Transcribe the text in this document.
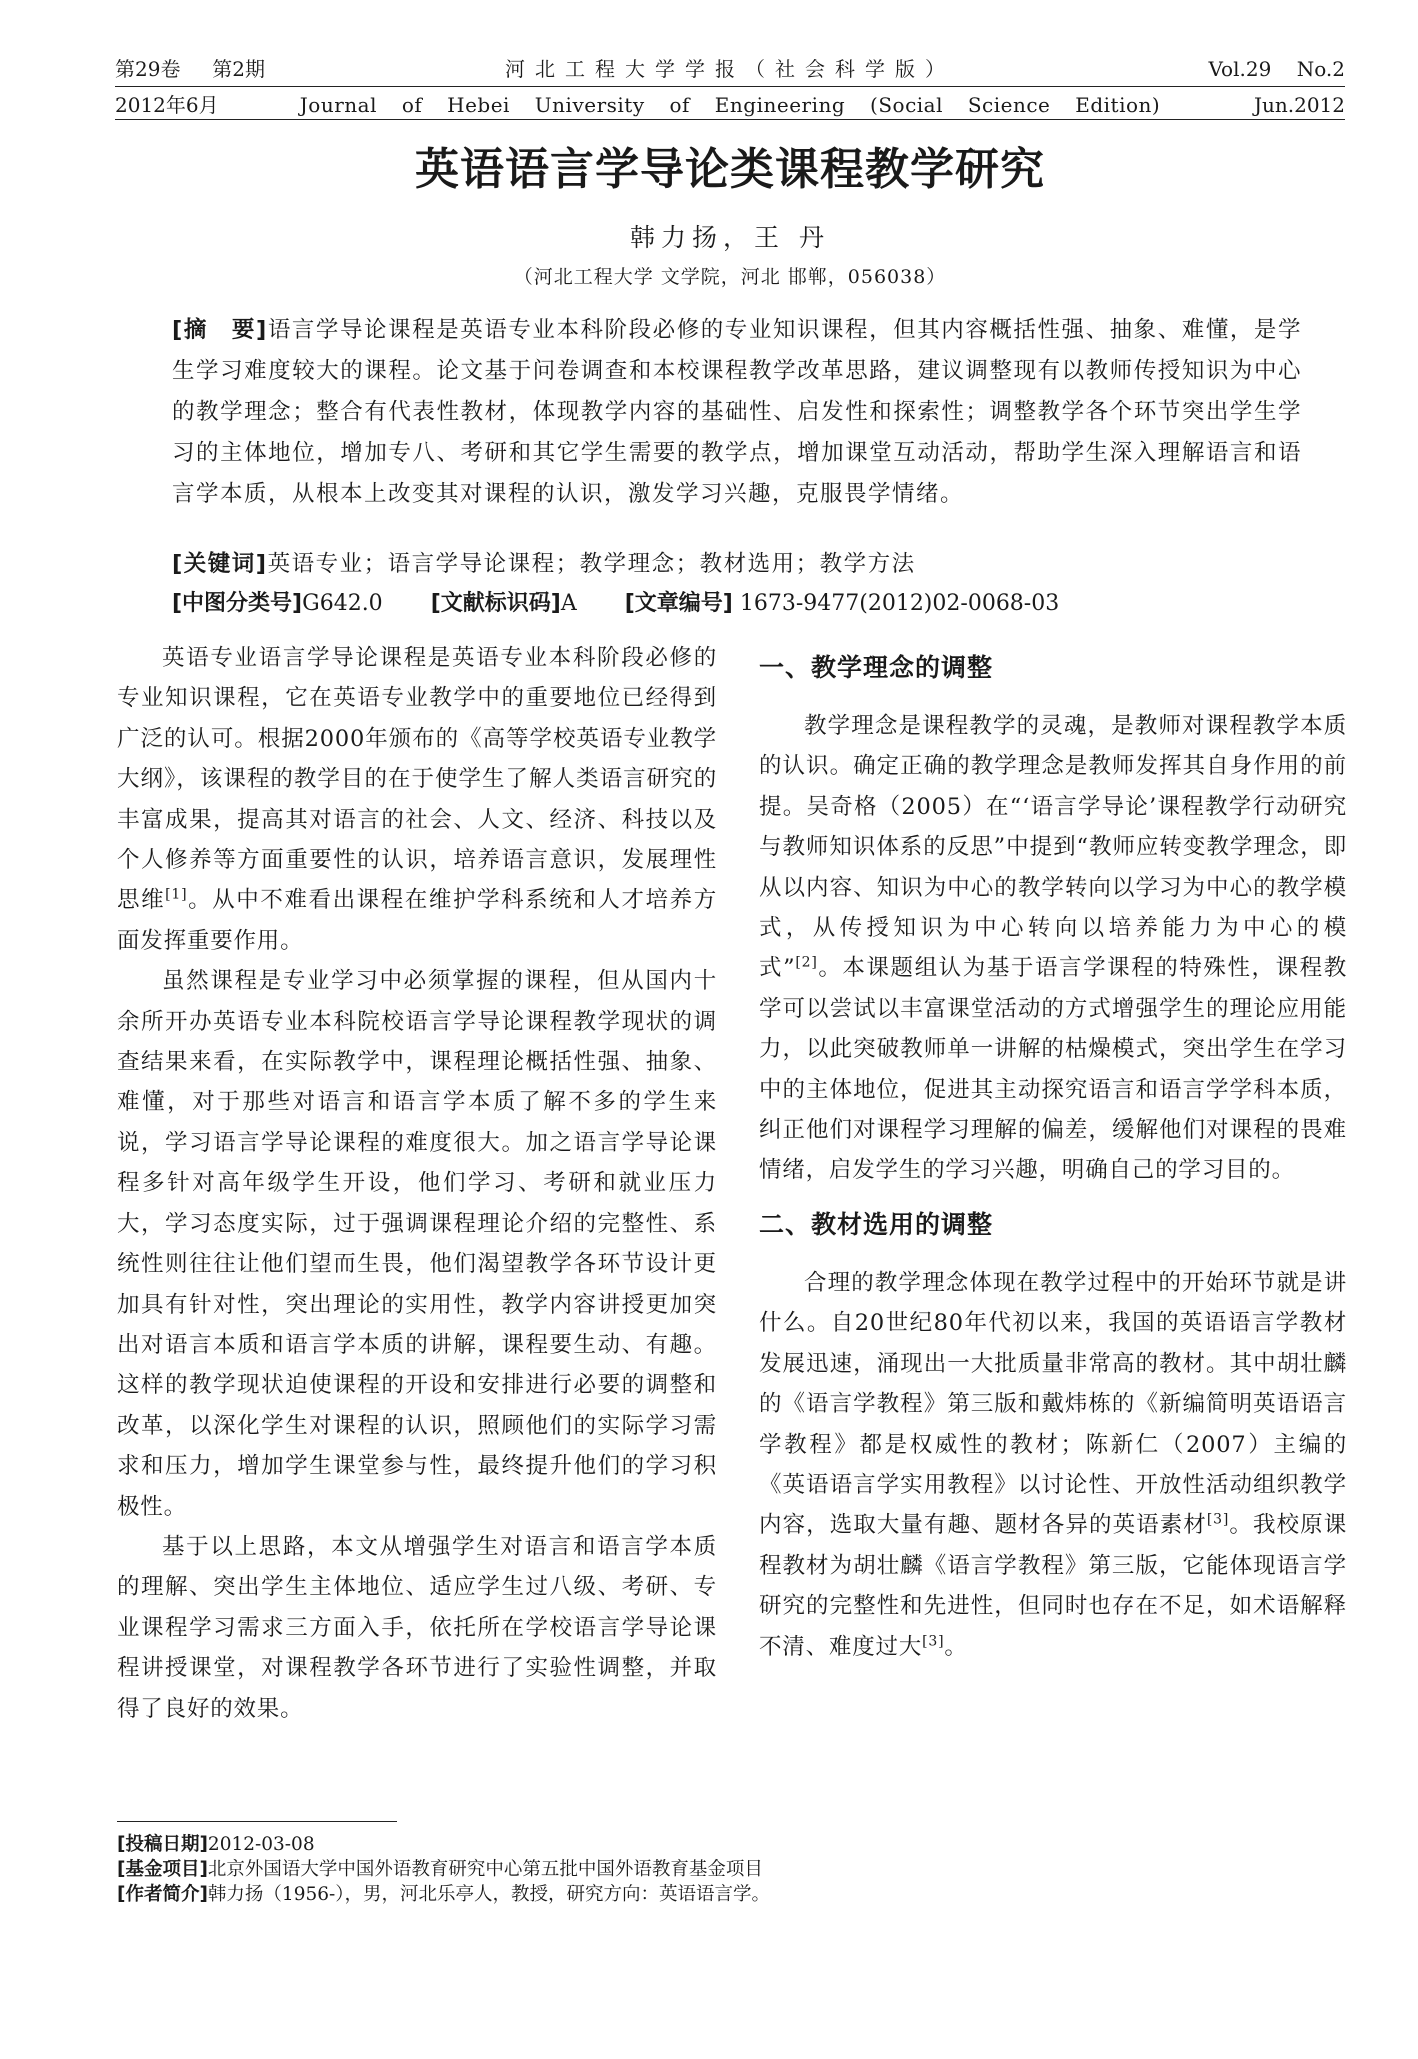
第29卷 第2期	河北工程大学学报（社会科学版）	Vol.29    No.2
2012年6月	Journal of Hebei University of Engineering (Social Science Edition)	Jun.2012
英语语言学导论类课程教学研究
韩力扬，王 丹
（河北工程大学 文学院，河北 邯郸，056038）

[摘　要]语言学导论课程是英语专业本科阶段必修的专业知识课程，但其内容概括性强、抽象、难懂，是学生学习难度较大的课程。论文基于问卷调查和本校课程教学改革思路，建议调整现有以教师传授知识为中心的教学理念；整合有代表性教材，体现教学内容的基础性、启发性和探索性；调整教学各个环节突出学生学习的主体地位，增加专八、考研和其它学生需要的教学点，增加课堂互动活动，帮助学生深入理解语言和语言学本质，从根本上改变其对课程的认识，激发学习兴趣，克服畏学情绪。

[关键词]英语专业；语言学导论课程；教学理念；教材选用；教学方法
[中图分类号]G642.0 [文献标识码]A [文章编号] 1673-9477(2012)02-0068-03

英语专业语言学导论课程是英语专业本科阶段必修的专业知识课程，它在英语专业教学中的重要地位已经得到广泛的认可。根据2000年颁布的《高等学校英语专业教学大纲》，该课程的教学目的在于使学生了解人类语言研究的丰富成果，提高其对语言的社会、人文、经济、科技以及个人修养等方面重要性的认识，培养语言意识，发展理性思维[1]。从中不难看出课程在维护学科系统和人才培养方面发挥重要作用。

虽然课程是专业学习中必须掌握的课程，但从国内十余所开办英语专业本科院校语言学导论课程教学现状的调查结果来看，在实际教学中，课程理论概括性强、抽象、难懂，对于那些对语言和语言学本质了解不多的学生来说，学习语言学导论课程的难度很大。加之语言学导论课程多针对高年级学生开设，他们学习、考研和就业压力大，学习态度实际，过于强调课程理论介绍的完整性、系统性则往往让他们望而生畏，他们渴望教学各环节设计更加具有针对性，突出理论的实用性，教学内容讲授更加突出对语言本质和语言学本质的讲解，课程要生动、有趣。这样的教学现状迫使课程的开设和安排进行必要的调整和改革，以深化学生对课程的认识，照顾他们的实际学习需求和压力，增加学生课堂参与性，最终提升他们的学习积极性。

基于以上思路，本文从增强学生对语言和语言学本质的理解、突出学生主体地位、适应学生过八级、考研、专业课程学习需求三方面入手，依托所在学校语言学导论课程讲授课堂，对课程教学各环节进行了实验性调整，并取得了良好的效果。

一、教学理念的调整

教学理念是课程教学的灵魂，是教师对课程教学本质的认识。确定正确的教学理念是教师发挥其自身作用的前提。吴奇格（2005）在“‘语言学导论’课程教学行动研究与教师知识体系的反思”中提到“教师应转变教学理念，即从以内容、知识为中心的教学转向以学习为中心的教学模式，从传授知识为中心转向以培养能力为中心的模式”[2]。本课题组认为基于语言学课程的特殊性，课程教学可以尝试以丰富课堂活动的方式增强学生的理论应用能力，以此突破教师单一讲解的枯燥模式，突出学生在学习中的主体地位，促进其主动探究语言和语言学学科本质，纠正他们对课程学习理解的偏差，缓解他们对课程的畏难情绪，启发学生的学习兴趣，明确自己的学习目的。

二、教材选用的调整

合理的教学理念体现在教学过程中的开始环节就是讲什么。自20世纪80年代初以来，我国的英语语言学教材发展迅速，涌现出一大批质量非常高的教材。其中胡壮麟的《语言学教程》第三版和戴炜栋的《新编简明英语语言学教程》都是权威性的教材；陈新仁（2007）主编的《英语语言学实用教程》以讨论性、开放性活动组织教学内容，选取大量有趣、题材各异的英语素材[3]。我校原课程教材为胡壮麟《语言学教程》第三版，它能体现语言学研究的完整性和先进性，但同时也存在不足，如术语解释不清、难度过大[3]。

[投稿日期]2012-03-08
[基金项目]北京外国语大学中国外语教育研究中心第五批中国外语教育基金项目
[作者简介]韩力扬（1956-），男，河北乐亭人，教授，研究方向：英语语言学。
